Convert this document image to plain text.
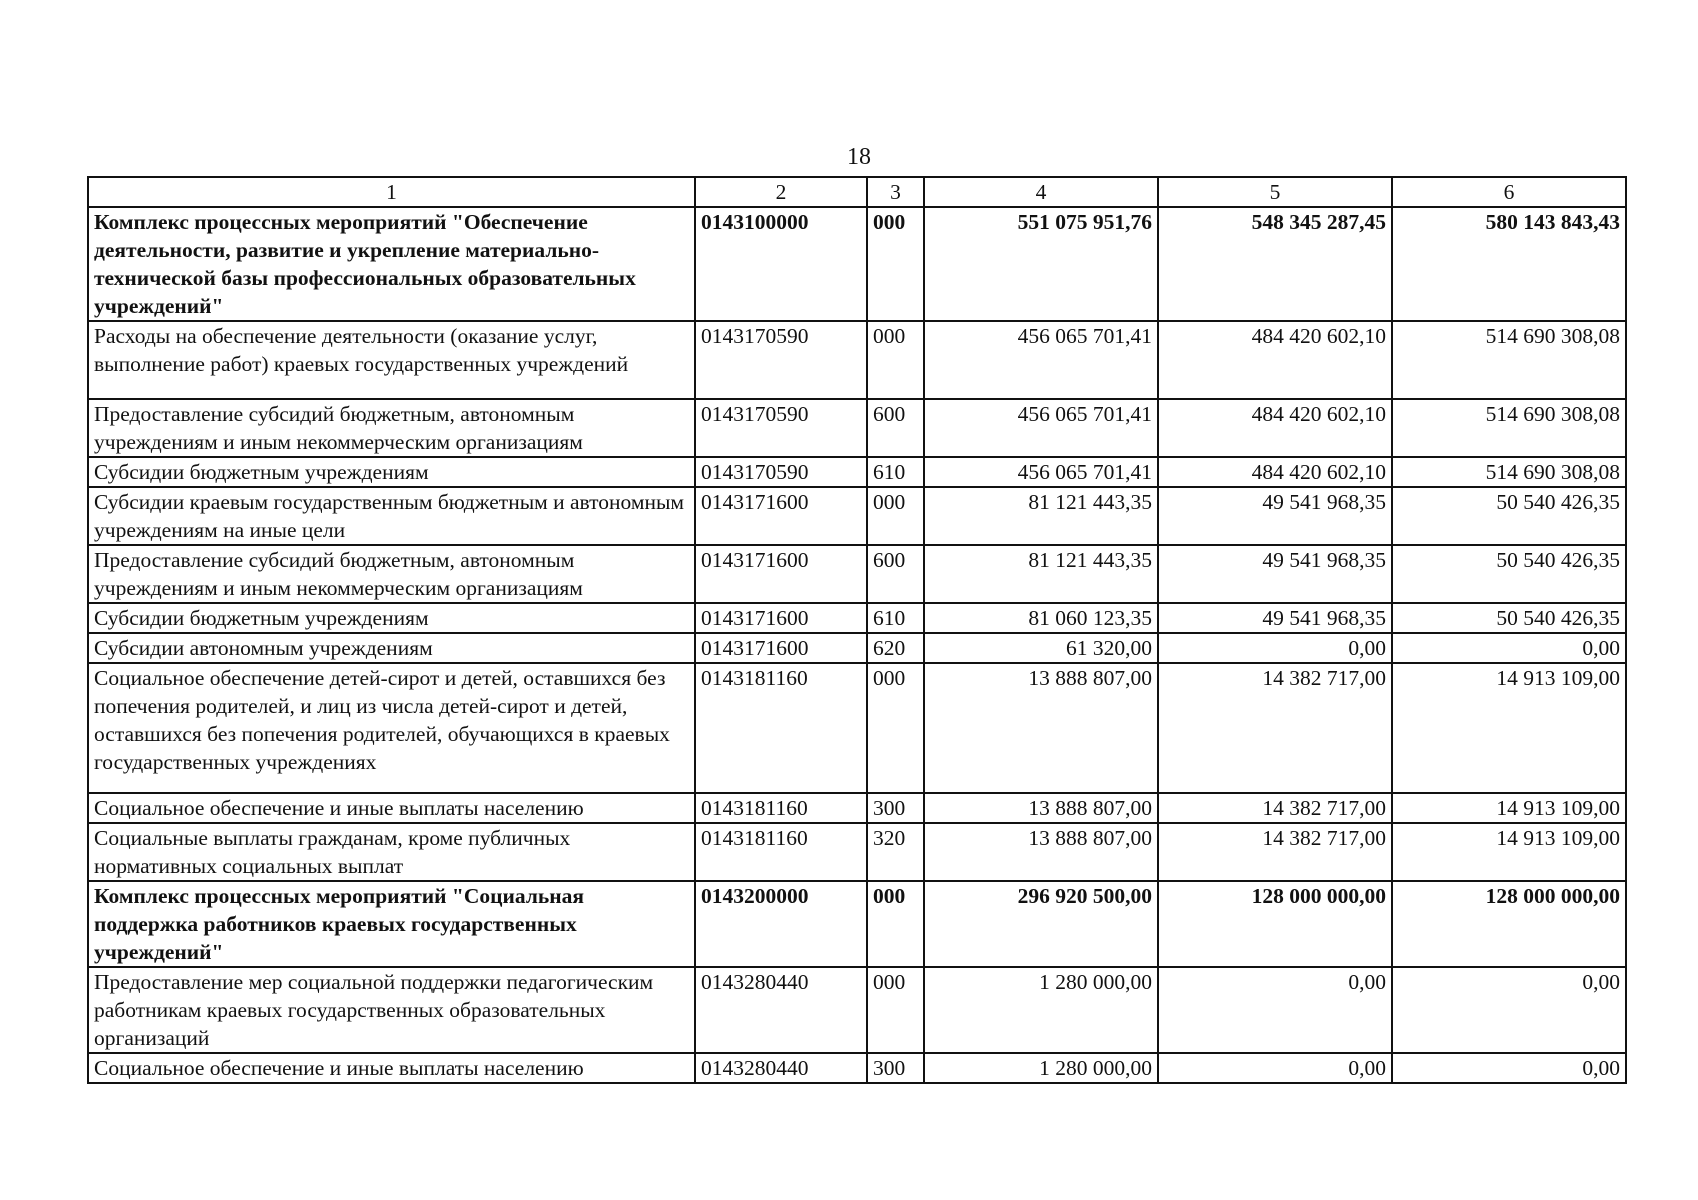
18
1	2	3	4	5	6
Комплекс процессных мероприятий "Обеспечение деятельности, развитие и укрепление материально-технической базы профессиональных образовательных учреждений"	0143100000	000	551 075 951,76	548 345 287,45	580 143 843,43
Расходы на обеспечение деятельности (оказание услуг, выполнение работ) краевых государственных учреждений	0143170590	000	456 065 701,41	484 420 602,10	514 690 308,08
Предоставление субсидий бюджетным, автономным учреждениям и иным некоммерческим организациям	0143170590	600	456 065 701,41	484 420 602,10	514 690 308,08
Субсидии бюджетным учреждениям	0143170590	610	456 065 701,41	484 420 602,10	514 690 308,08
Субсидии краевым государственным бюджетным и автономным учреждениям на иные цели	0143171600	000	81 121 443,35	49 541 968,35	50 540 426,35
Предоставление субсидий бюджетным, автономным учреждениям и иным некоммерческим организациям	0143171600	600	81 121 443,35	49 541 968,35	50 540 426,35
Субсидии бюджетным учреждениям	0143171600	610	81 060 123,35	49 541 968,35	50 540 426,35
Субсидии автономным учреждениям	0143171600	620	61 320,00	0,00	0,00
Социальное обеспечение детей-сирот и детей, оставшихся без попечения родителей, и лиц из числа детей-сирот и детей, оставшихся без попечения родителей, обучающихся в краевых государственных учреждениях	0143181160	000	13 888 807,00	14 382 717,00	14 913 109,00
Социальное обеспечение и иные выплаты населению	0143181160	300	13 888 807,00	14 382 717,00	14 913 109,00
Социальные выплаты гражданам, кроме публичных нормативных социальных выплат	0143181160	320	13 888 807,00	14 382 717,00	14 913 109,00
Комплекс процессных мероприятий "Социальная поддержка работников краевых государственных учреждений"	0143200000	000	296 920 500,00	128 000 000,00	128 000 000,00
Предоставление мер социальной поддержки педагогическим работникам краевых государственных образовательных организаций	0143280440	000	1 280 000,00	0,00	0,00
Социальное обеспечение и иные выплаты населению	0143280440	300	1 280 000,00	0,00	0,00
